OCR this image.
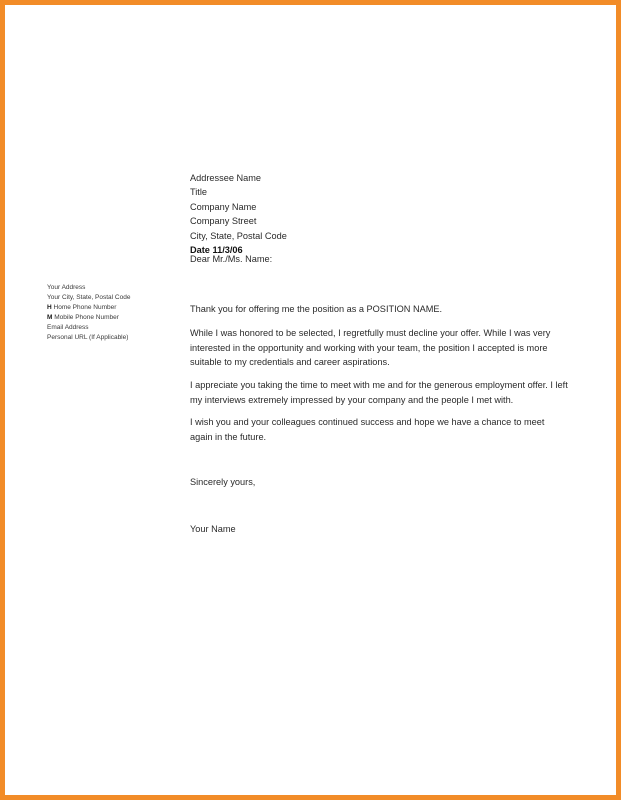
Your Address
Your City, State, Postal Code
H Home Phone Number
M Mobile Phone Number
Email Address
Personal URL (If Applicable)
Addressee Name
Title
Company Name
Company Street
City, State, Postal Code
Date 11/3/06
Dear Mr./Ms. Name:
Thank you for offering me the position as a POSITION NAME.
While I was honored to be selected, I regretfully must decline your offer. While I was very
interested in the opportunity and working with your team, the position I accepted is more
suitable to my credentials and career aspirations.
I appreciate you taking the time to meet with me and for the generous employment offer. I left
my interviews extremely impressed by your company and the people I met with.
I wish you and your colleagues continued success and hope we have a chance to meet
again in the future.
Sincerely yours,
Your Name
